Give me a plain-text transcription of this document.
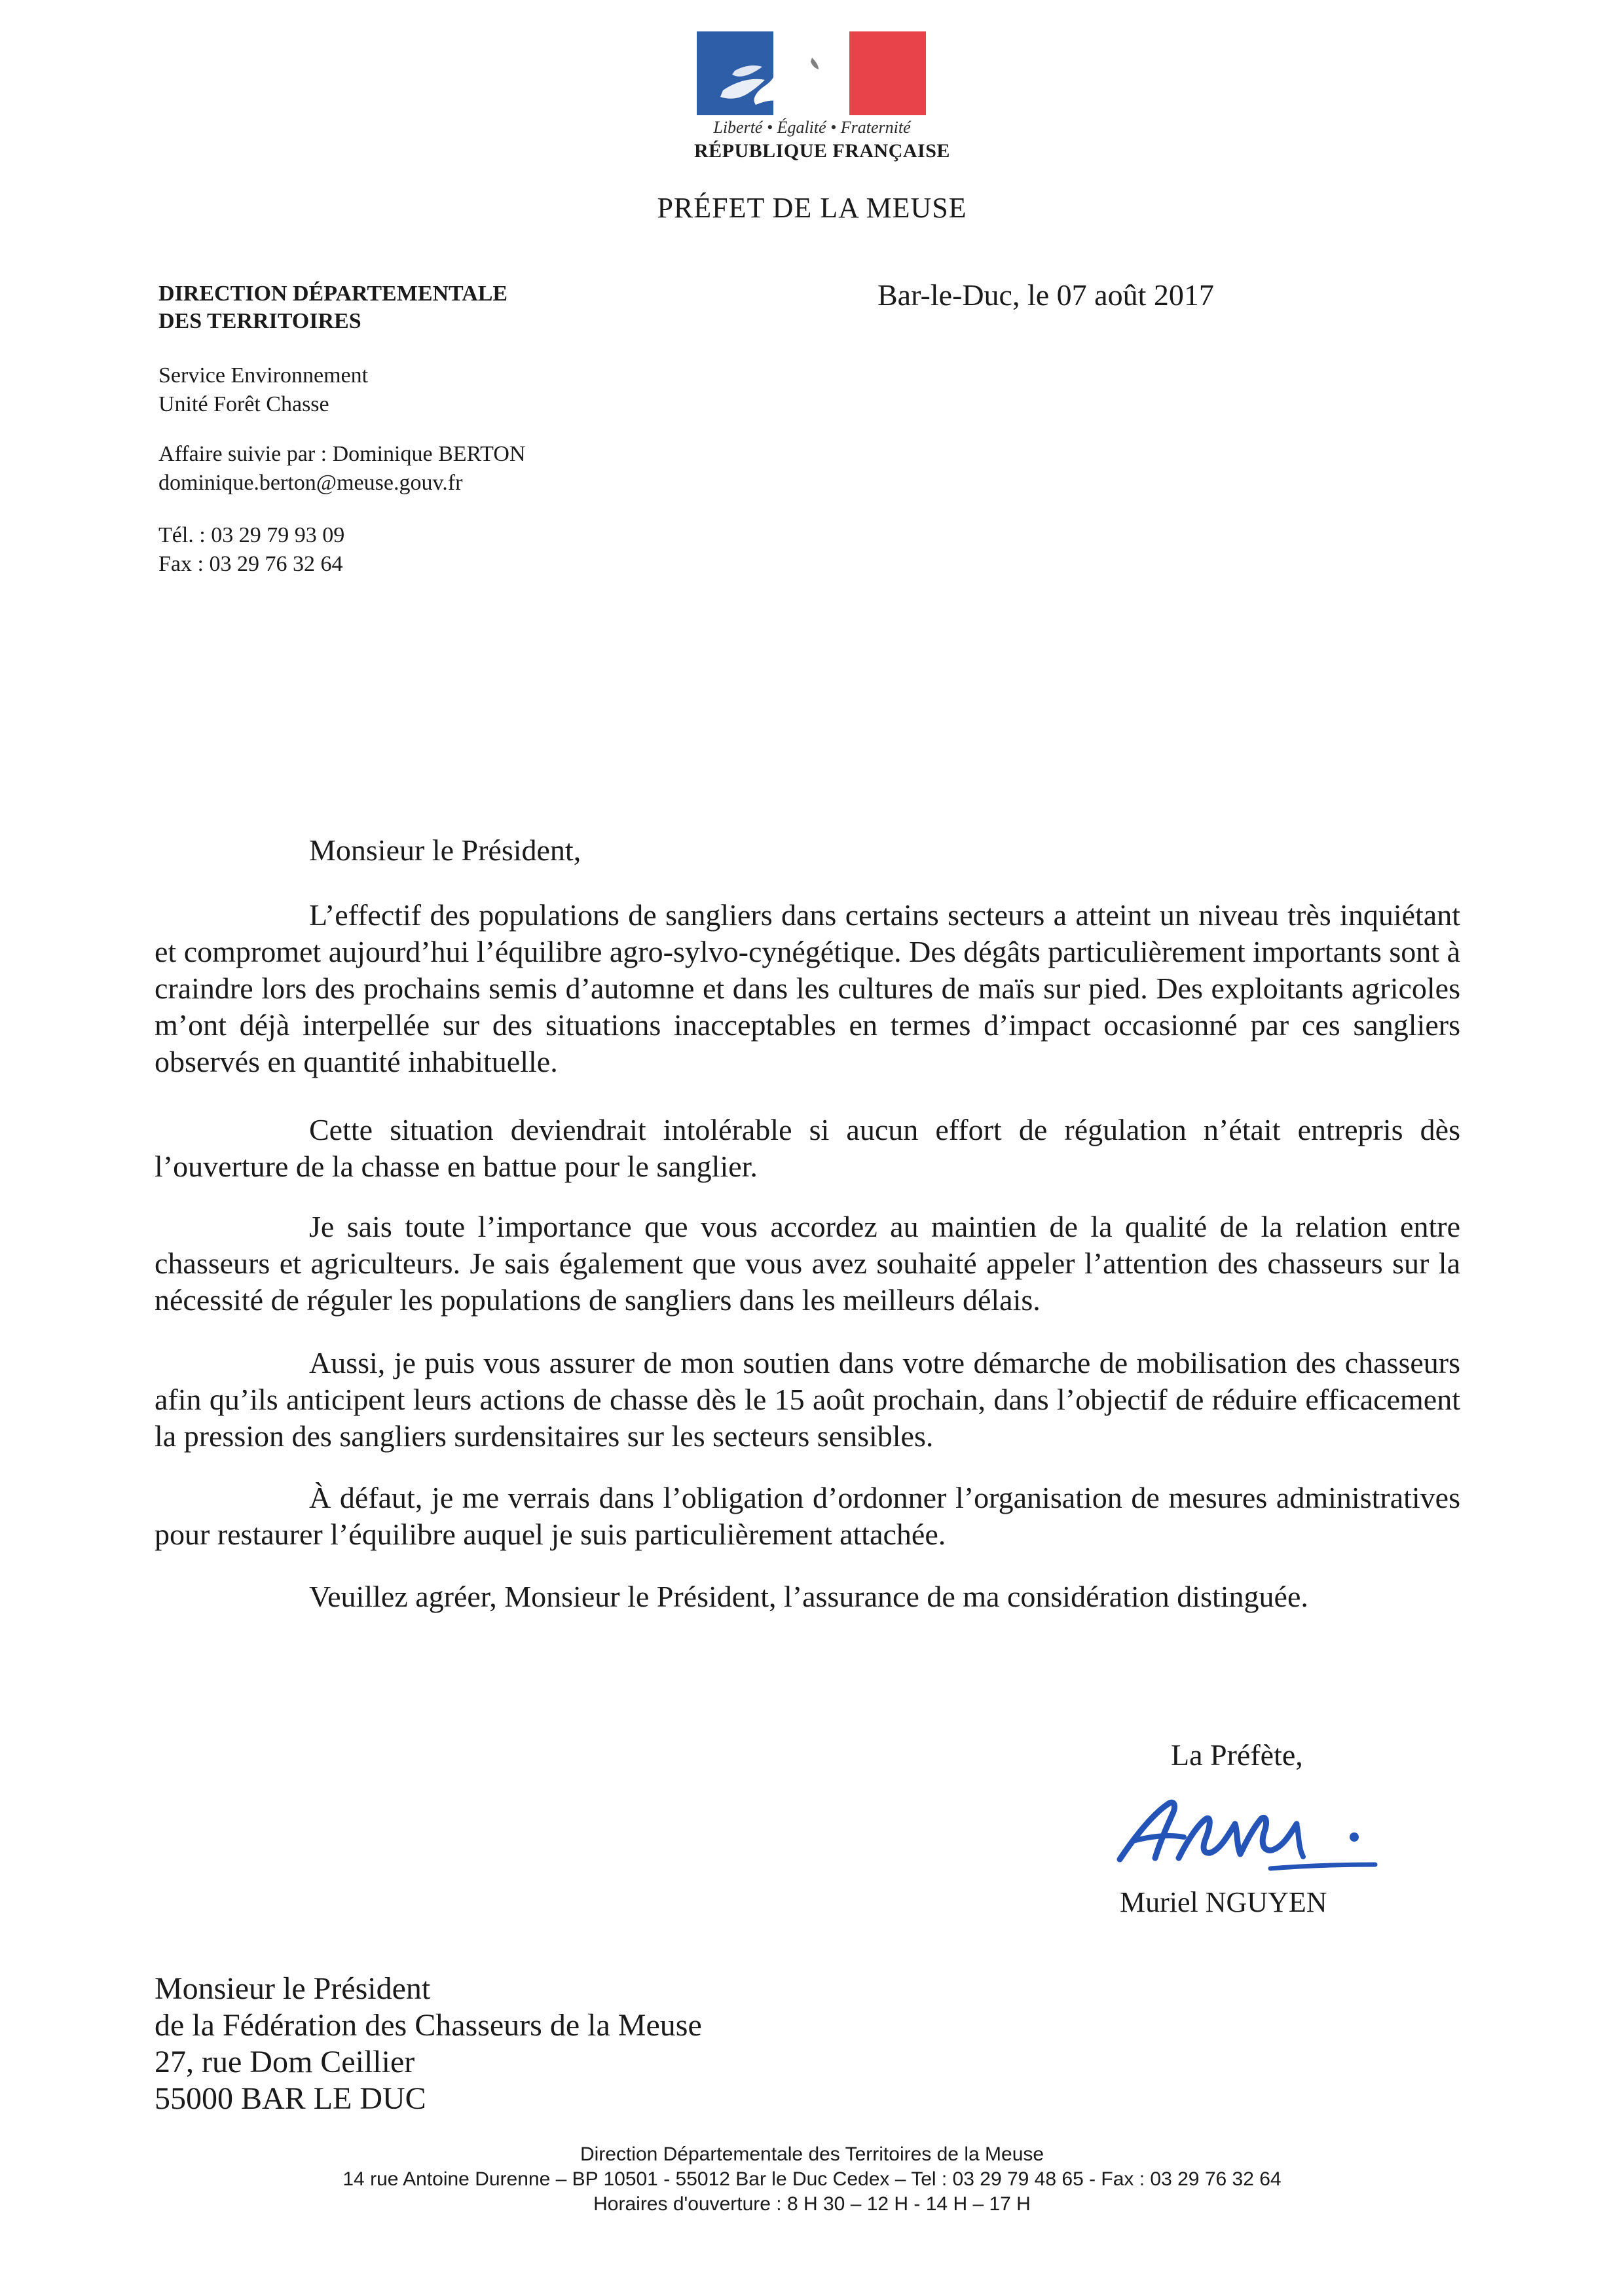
Liberté • Égalité • Fraternité
RÉPUBLIQUE FRANÇAISE
PRÉFET DE LA MEUSE
DIRECTION DÉPARTEMENTALE
DES TERRITOIRES
Bar-le-Duc, le 07 août 2017
Service Environnement
Unité Forêt Chasse
Affaire suivie par : Dominique BERTON
dominique.berton@meuse.gouv.fr
Tél. : 03 29 79 93 09
Fax : 03 29 76 32 64
Monsieur le Président,

L’effectif des populations de sangliers dans certains secteurs a atteint un niveau très inquiétant et compromet aujourd’hui l’équilibre agro-sylvo-cynégétique. Des dégâts particulièrement importants sont à craindre lors des prochains semis d’automne et dans les cultures de maïs sur pied. Des exploitants agricoles m’ont déjà interpellée sur des situations inacceptables en termes d’impact occasionné par ces sangliers observés en quantité inhabituelle.

Cette situation deviendrait intolérable si aucun effort de régulation n’était entrepris dès l’ouverture de la chasse en battue pour le sanglier.

Je sais toute l’importance que vous accordez au maintien de la qualité de la relation entre chasseurs et agriculteurs. Je sais également que vous avez souhaité appeler l’attention des chasseurs sur la nécessité de réguler les populations de sangliers dans les meilleurs délais.

Aussi, je puis vous assurer de mon soutien dans votre démarche de mobilisation des chasseurs afin qu’ils anticipent leurs actions de chasse dès le 15 août prochain, dans l’objectif de réduire efficacement la pression des sangliers surdensitaires sur les secteurs sensibles.

À défaut, je me verrais dans l’obligation d’ordonner l’organisation de mesures administratives pour restaurer l’équilibre auquel je suis particulièrement attachée.

Veuillez agréer, Monsieur le Président, l’assurance de ma considération distinguée.
La Préfète,
Muriel NGUYEN
Monsieur le Président
de la Fédération des Chasseurs de la Meuse
27, rue Dom Ceillier
55000 BAR LE DUC
Direction Départementale des Territoires de la Meuse
14 rue Antoine Durenne – BP 10501 - 55012 Bar le Duc Cedex – Tel : 03 29 79 48 65 - Fax : 03 29 76 32 64
Horaires d'ouverture : 8 H 30 – 12 H - 14 H – 17 H
